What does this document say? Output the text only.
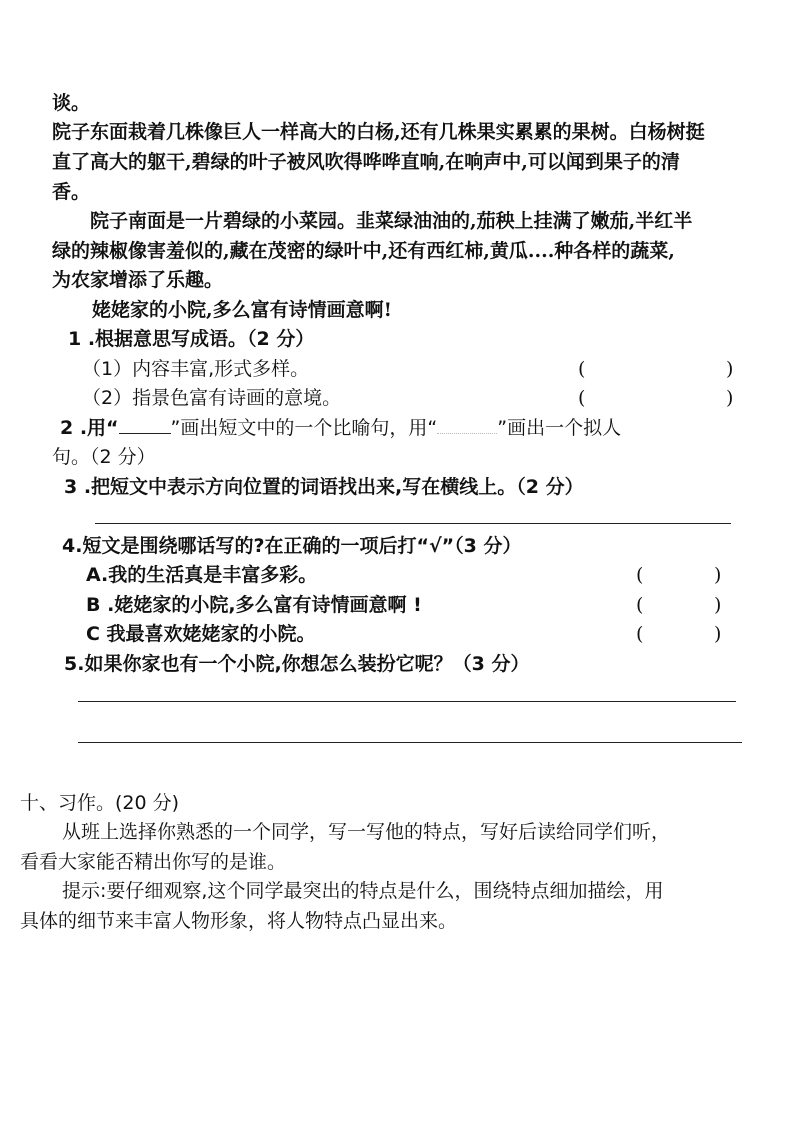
谈。
院子东面栽着几株像巨人一样高大的白杨,还有几株果实累累的果树。白杨树挺
直了高大的躯干,碧绿的叶子被风吹得哗哗直响,在响声中,可以闻到果子的清
香。
院子南面是一片碧绿的小菜园。韭菜绿油油的,茄秧上挂满了嫩茄,半红半
绿的辣椒像害羞似的,藏在茂密的绿叶中,还有西红柿,黄瓜....种各样的蔬菜,
为农家增添了乐趣。
姥姥家的小院,多么富有诗情画意啊!
1 .根据意思写成语。（2 分）
（1）内容丰富,形式多样。	(	)
（2）指景色富有诗画的意境。	(	)
2 .用“	”画出短文中的一个比喻句，用“	”画出一个拟人
句。（2 分）
3 .把短文中表示方向位置的词语找出来,写在横线上。（2 分）
4.短文是围绕哪话写的?在正确的一项后打“√”（3 分）
A.我的生活真是丰富多彩。	(	)
B .姥姥家的小院,多么富有诗情画意啊 !	(	)
C 我最喜欢姥姥家的小院。	(	)
5.如果你家也有一个小院,你想怎么装扮它呢？（3 分）
十、习作。(20 分)
从班上选择你熟悉的一个同学，写一写他的特点，写好后读给同学们听，
看看大家能否精出你写的是谁。
提示:要仔细观察,这个同学最突出的特点是什么，围绕特点细加描绘，用
具体的细节来丰富人物形象，将人物特点凸显出来。
